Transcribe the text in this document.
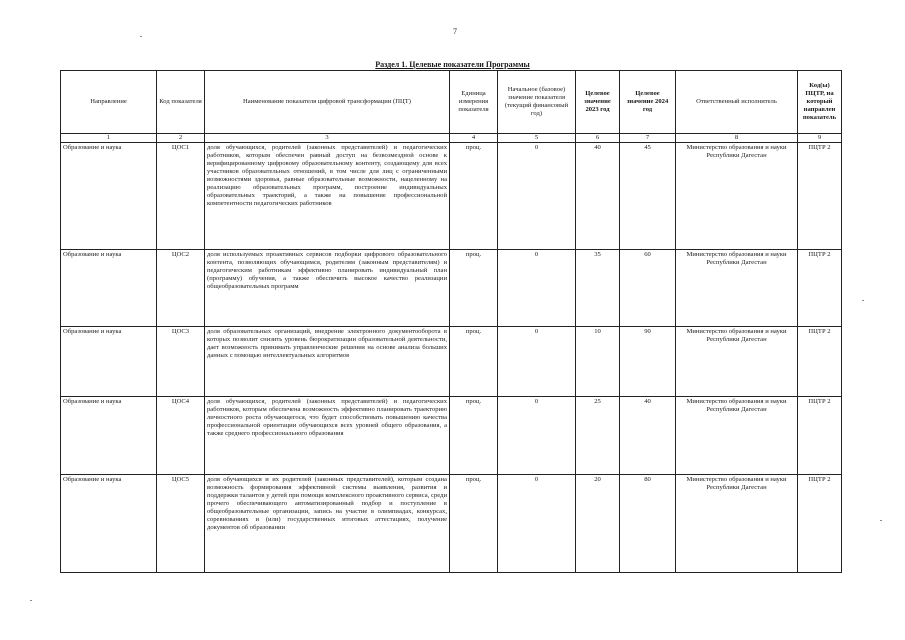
7
Раздел 1. Целевые показатели Программы
Направление	Код показателя	Наименование показателя цифровой трансформации (ПЦТ)	Единица измерения показателя	Начальное (базовое) значение показателя (текущий финансовый год)	Целевое значение 2023 год	Целевое значение 2024 год	Ответственный исполнитель	Код(ы) ПЦТР, на который направлен показатель
1	2	3	4	5	6	7	8	9
Образование и наука	ЦОС1	доля обучающихся, родителей (законных представителей) и педагогических работников, которым обеспечен равный доступ на безвозмездной основе к верифицированному цифровому образовательному контенту, создающему для всех участников образовательных отношений, в том числе для лиц с ограниченными возможностями здоровья, равные образовательные возможности, нацеленному на реализацию образовательных программ, построение индивидуальных образовательных траекторий, а также на повышение профессиональной компетентности педагогических работников	проц.	0	40	45	Министерство образования и науки Республики Дагестан	ПЦТР 2
Образование и наука	ЦОС2	доля используемых проактивных сервисов подборки цифрового образовательного контента, позволяющих обучающимся, родителям (законным представителям) и педагогическим работникам эффективно планировать индивидуальный план (программу) обучения, а также обеспечить высокое качество реализации общеобразовательных программ	проц.	0	35	60	Министерство образования и науки Республики Дагестан	ПЦТР 2
Образование и наука	ЦОС3	доля образовательных организаций, внедрение электронного документооборота в которых позволит снизить уровень бюрократизации образовательной деятельности, дает возможность принимать управленческие решения на основе анализа больших данных с помощью интеллектуальных алгоритмов	проц.	0	10	90	Министерство образования и науки Республики Дагестан	ПЦТР 2
Образование и наука	ЦОС4	доля обучающихся, родителей (законных представителей) и педагогических работников, которым обеспечена возможность эффективно планировать траекторию личностного роста обучающегося, что будет способствовать повышению качества профессиональной ориентации обучающихся всех уровней общего образования, а также среднего профессионального образования	проц.	0	25	40	Министерство образования и науки Республики Дагестан	ПЦТР 2
Образование и наука	ЦОС5	доля обучающихся и их родителей (законных представителей), которым создана возможность формирования эффективной системы выявления, развития и поддержки талантов у детей при помощи комплексного проактивного сервиса, среди прочего обеспечивающего автоматизированный подбор и поступление в общеобразовательные организации, запись на участие в олимпиадах, конкурсах, соревнованиях и (или) государственных итоговых аттестациях, получение документов об образовании	проц.	0	20	80	Министерство образования и науки Республики Дагестан	ПЦТР 2
